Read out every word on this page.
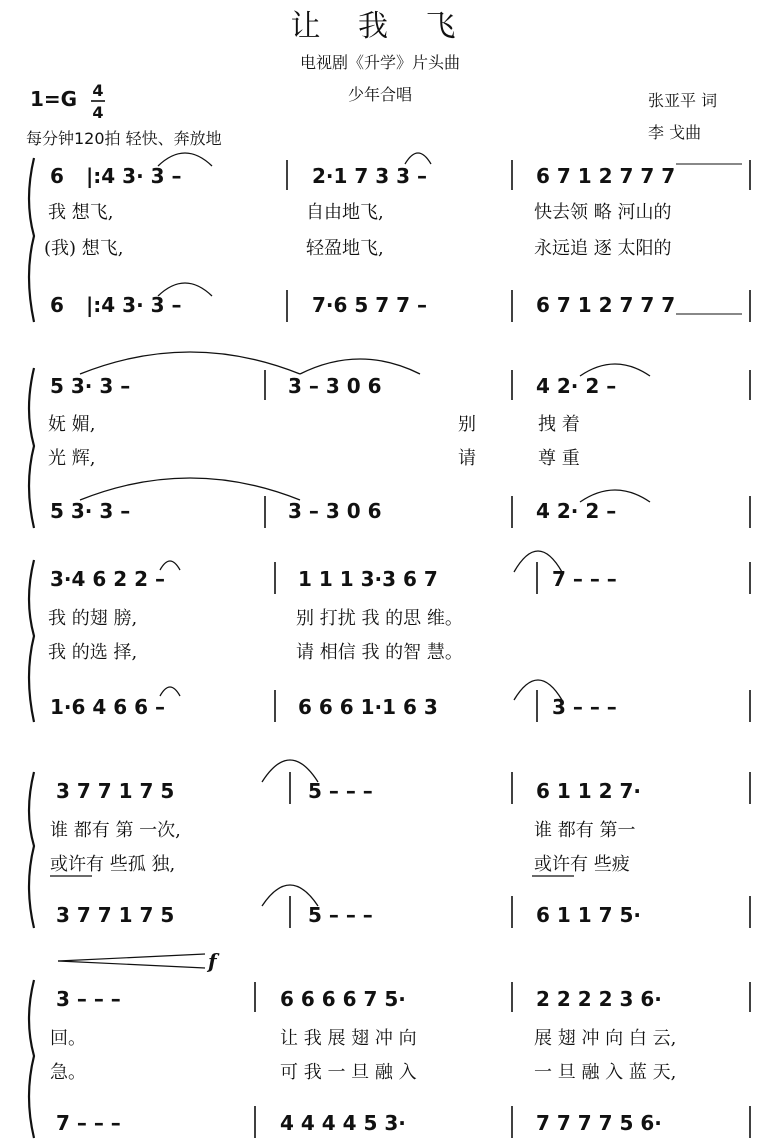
让 我 飞
电视剧《升学》片头曲
少年合唱
1=G 4
4
每分钟120拍 轻快、奔放地
张亚平 词
李 戈曲
6 |:4 3· 3 –	2·1 7 3 3 –	6 7 1 2 7 7 7
我 想飞,	自由地飞,	快去领 略 河山的
(我) 想飞,	轻盈地飞,	永远追 逐 太阳的
6 |:4 3· 3 –	7·6 5 7 7 –	6 7 1 2 7 7 7
5 3· 3 –	3 – 3 0 6	4 2· 2 –
妩 媚,	别	拽 着
光 辉,	请	尊 重
5 3· 3 –	3 – 3 0 6	4 2· 2 –
3·4 6 2 2 –	1 1 1 3·3 6 7	7 – – –
我 的翅 膀,	别 打扰 我 的思 维。
我 的选 择,	请 相信 我 的智 慧。
1·6 4 6 6 –	6 6 6 1·1 6 3	3 – – –
3 7 7 1 7 5	5 – – –	6 1 1 2 7·
谁 都有 第 一次,	谁 都有 第一
或许有 些孤 独,	或许有 些疲
3 7 7 1 7 5	5 – – –	6 1 1 7 5·
f
3 – – –	6 6 6 6 7 5·	2 2 2 2 3 6·
回。	让 我 展 翅 冲 向	展 翅 冲 向 白 云,
急。	可 我 一 旦 融 入	一 旦 融 入 蓝 天,
7 – – –	4 4 4 4 5 3·	7 7 7 7 5 6·
